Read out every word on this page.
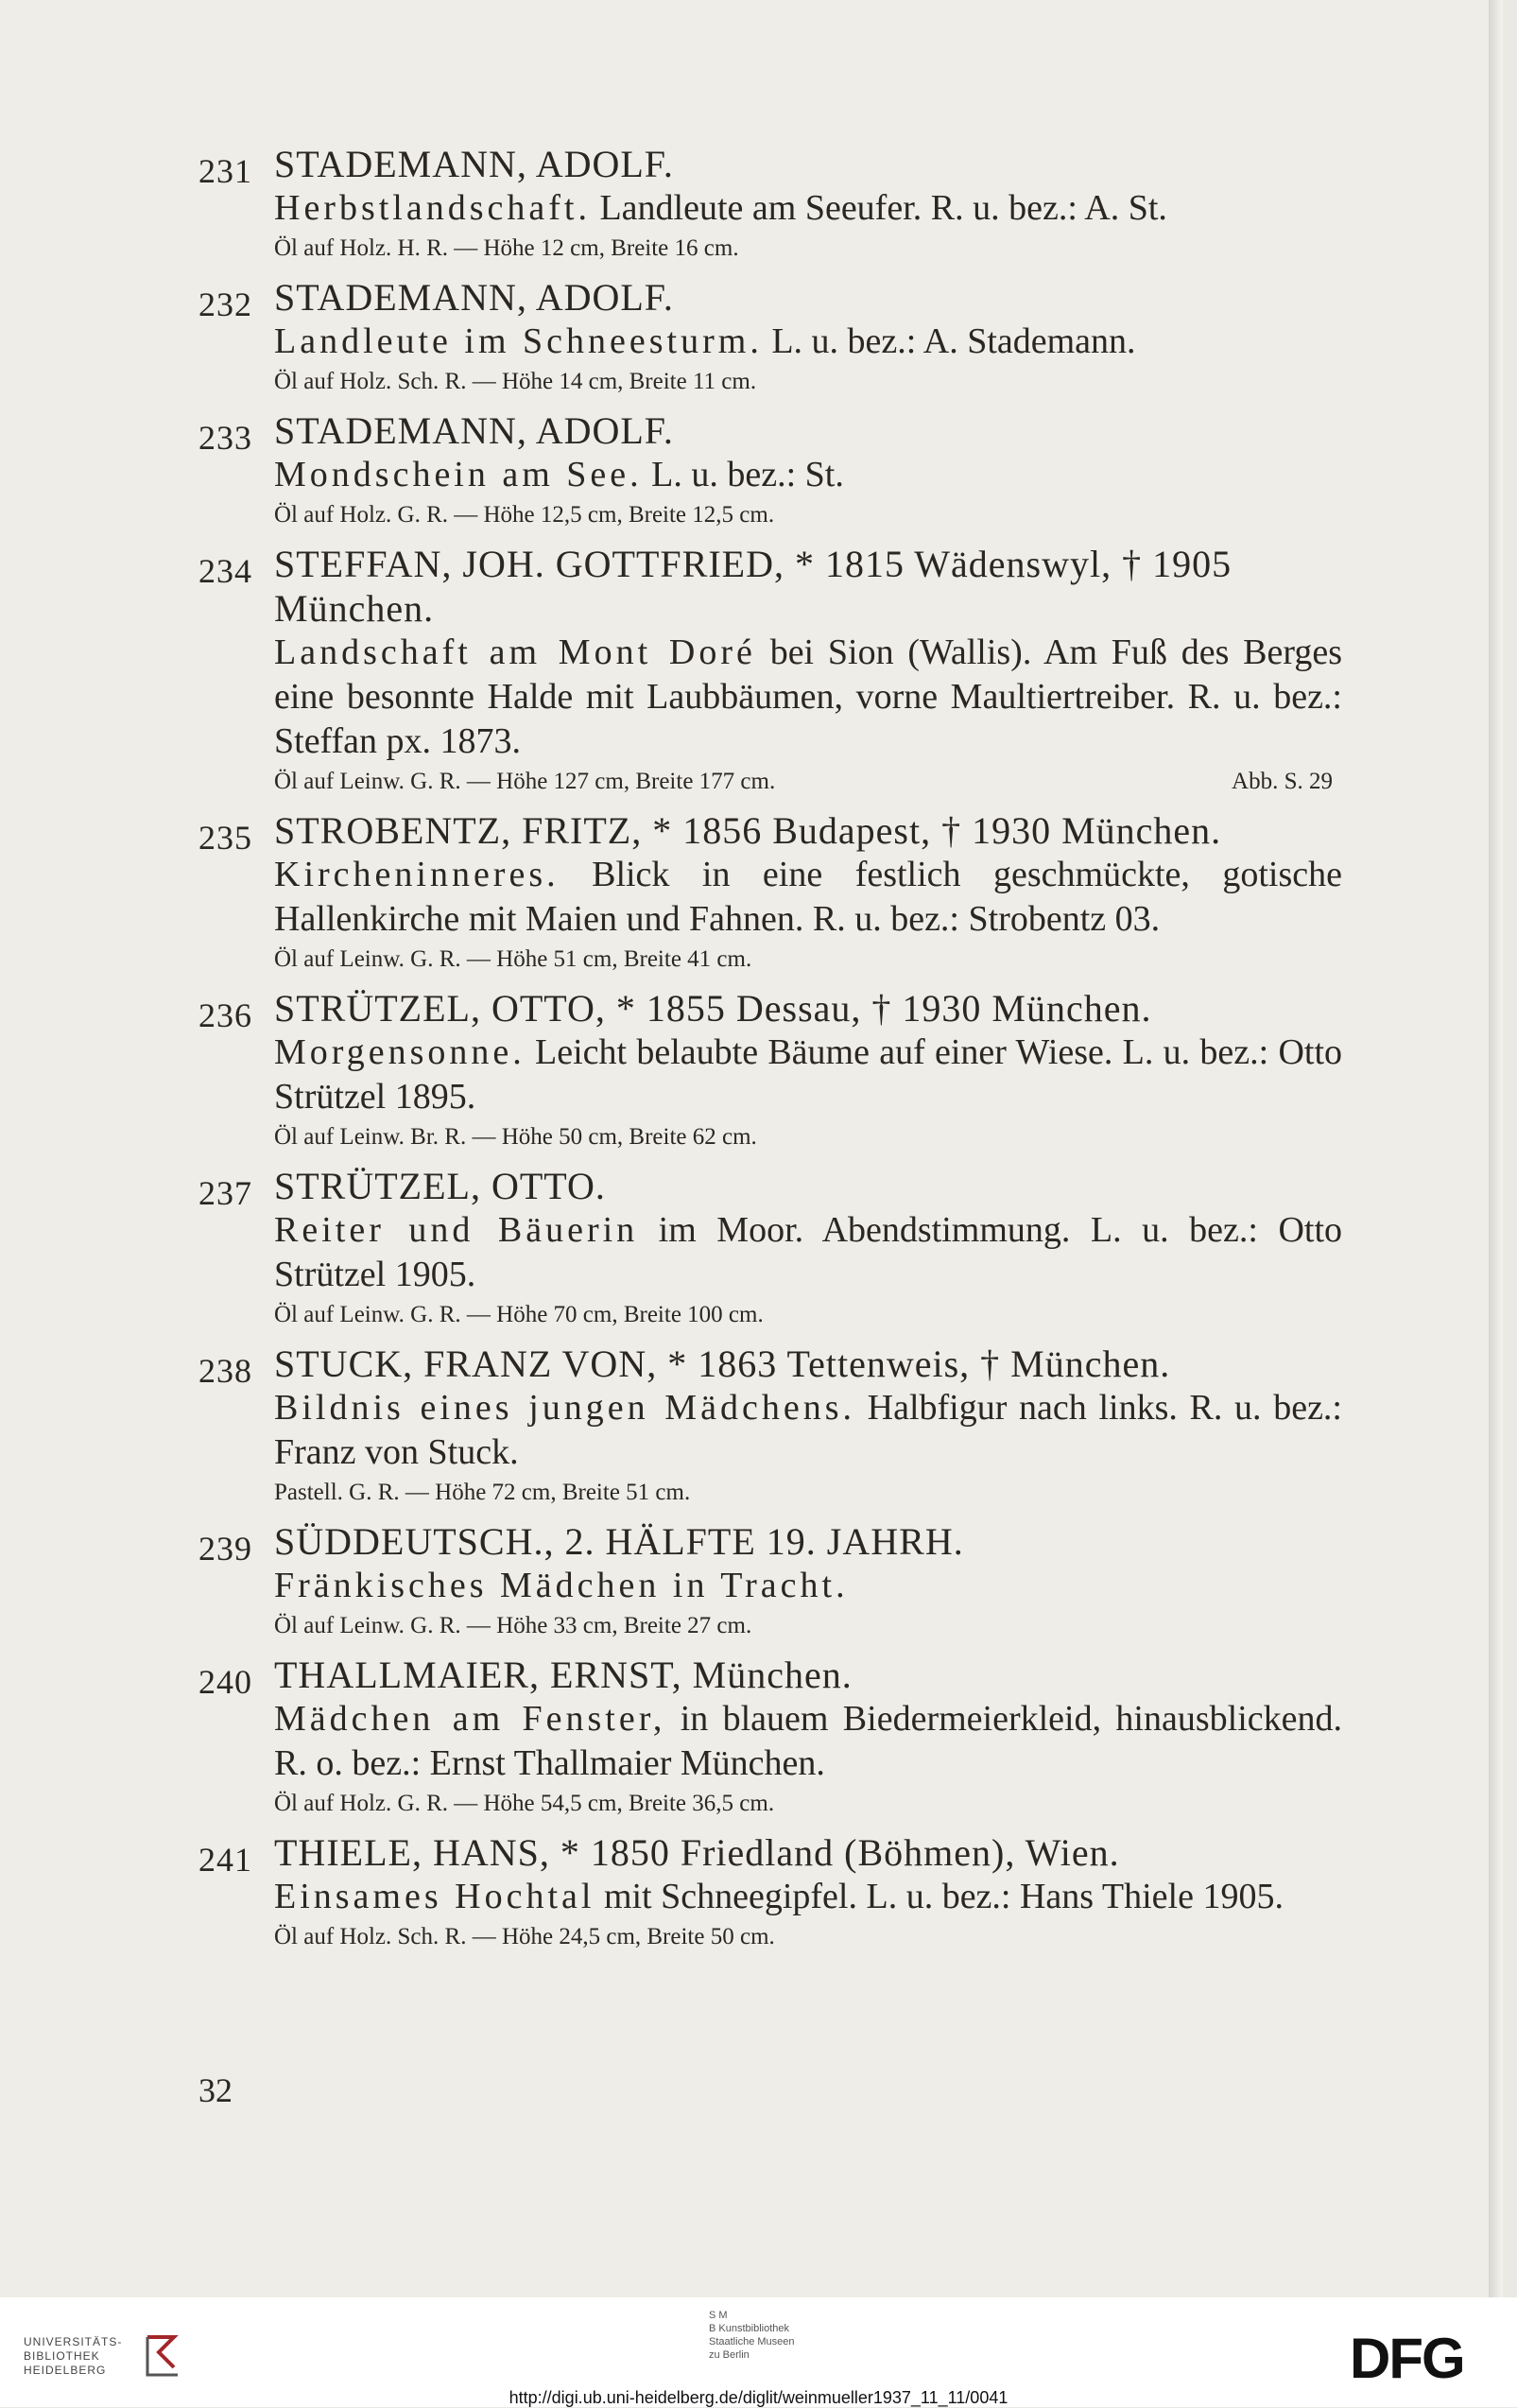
231 STADEMANN, ADOLF.
Herbstlandschaft. Landleute am Seeufer. R. u. bez.: A. St.
Öl auf Holz. H. R. — Höhe 12 cm, Breite 16 cm.
232 STADEMANN, ADOLF.
Landleute im Schneesturm. L. u. bez.: A. Stademann.
Öl auf Holz. Sch. R. — Höhe 14 cm, Breite 11 cm.
233 STADEMANN, ADOLF.
Mondschein am See. L. u. bez.: St.
Öl auf Holz. G. R. — Höhe 12,5 cm, Breite 12,5 cm.
234 STEFFAN, JOH. GOTTFRIED, * 1815 Wädenswyl, † 1905 München.
Landschaft am Mont Doré bei Sion (Wallis). Am Fuß des Berges eine besonnte Halde mit Laubbäumen, vorne Maultiertreiber. R. u. bez.: Steffan px. 1873.
Öl auf Leinw. G. R. — Höhe 127 cm, Breite 177 cm.	Abb. S. 29
235 STROBENTZ, FRITZ, * 1856 Budapest, † 1930 München.
Kircheninneres. Blick in eine festlich geschmückte, gotische Hallenkirche mit Maien und Fahnen. R. u. bez.: Strobentz 03.
Öl auf Leinw. G. R. — Höhe 51 cm, Breite 41 cm.
236 STRÜTZEL, OTTO, * 1855 Dessau, † 1930 München.
Morgensonne. Leicht belaubte Bäume auf einer Wiese. L. u. bez.: Otto Strützel 1895.
Öl auf Leinw. Br. R. — Höhe 50 cm, Breite 62 cm.
237 STRÜTZEL, OTTO.
Reiter und Bäuerin im Moor. Abendstimmung. L. u. bez.: Otto Strützel 1905.
Öl auf Leinw. G. R. — Höhe 70 cm, Breite 100 cm.
238 STUCK, FRANZ VON, * 1863 Tettenweis, † München.
Bildnis eines jungen Mädchens. Halbfigur nach links. R. u. bez.: Franz von Stuck.
Pastell. G. R. — Höhe 72 cm, Breite 51 cm.
239 SÜDDEUTSCH., 2. HÄLFTE 19. JAHRH.
Fränkisches Mädchen in Tracht.
Öl auf Leinw. G. R. — Höhe 33 cm, Breite 27 cm.
240 THALLMAIER, ERNST, München.
Mädchen am Fenster, in blauem Biedermeierkleid, hinausblickend. R. o. bez.: Ernst Thallmaier München.
Öl auf Holz. G. R. — Höhe 54,5 cm, Breite 36,5 cm.
241 THIELE, HANS, * 1850 Friedland (Böhmen), Wien.
Einsames Hochtal mit Schneegipfel. L. u. bez.: Hans Thiele 1905.
Öl auf Holz. Sch. R. — Höhe 24,5 cm, Breite 50 cm.
32
UNIVERSITÄTS-
BIBLIOTHEK
HEIDELBERG
S M
B Kunstbibliothek
Staatliche Museen
zu Berlin	DFG
http://digi.ub.uni-heidelberg.de/diglit/weinmueller1937_11_11/0041
